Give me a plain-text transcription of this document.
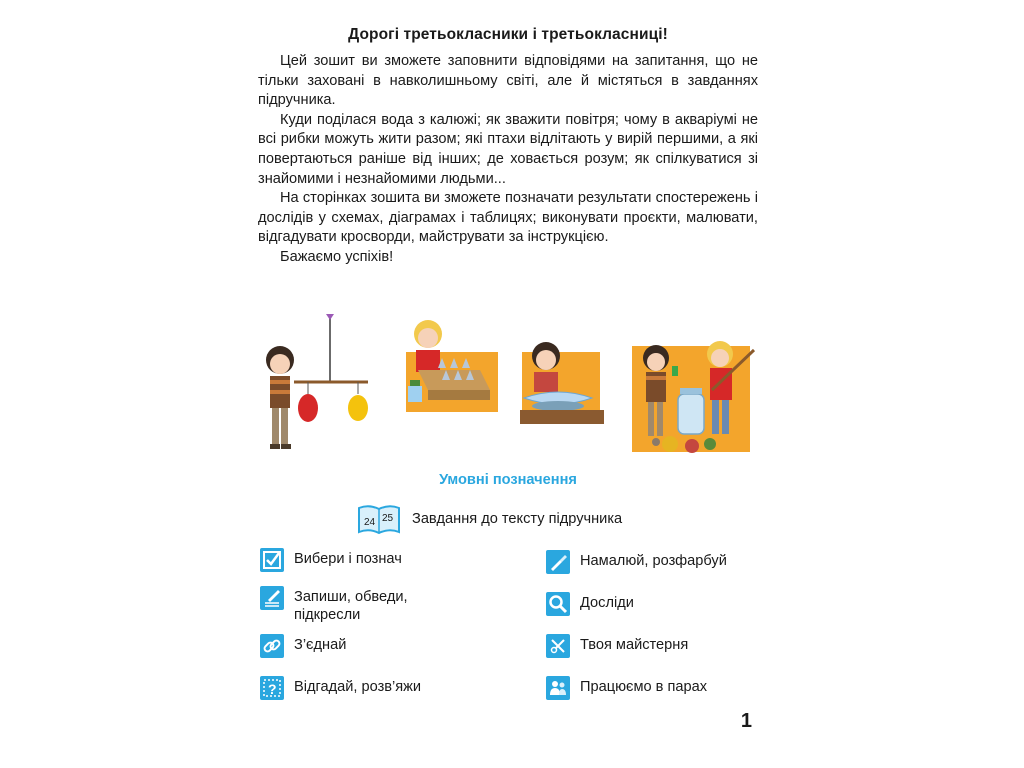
Дорогі третьокласники і третьокласниці!

Цей зошит ви зможете заповнити відповідями на запитання, що не тільки заховані в навколишньому світі, але й містяться в завданнях підручника.

Куди поділася вода з калюжі; як зважити повітря; чому в акваріумі не всі рибки можуть жити разом; які птахи відлітають у вирій першими, а які повертаються раніше від інших; де ховається розум; як спілкуватися зі знайомими і незнайомими людьми...

На сторінках зошита ви зможете позначати результати спостережень і дослідів у схемах, діаграмах і таблицях; виконувати проєкти, малювати, відгадувати кросворди, майструвати за інструкцією.

Бажаємо успіхів!

Умовні позначення
24 25 Завдання до тексту підручника
Вибери і познач
Запиши, обведи,
підкресли
З’єднай
? Відгадай, розв’яжи
Намалюй, розфарбуй
Досліди
Твоя майстерня
Працюємо в парах
1
